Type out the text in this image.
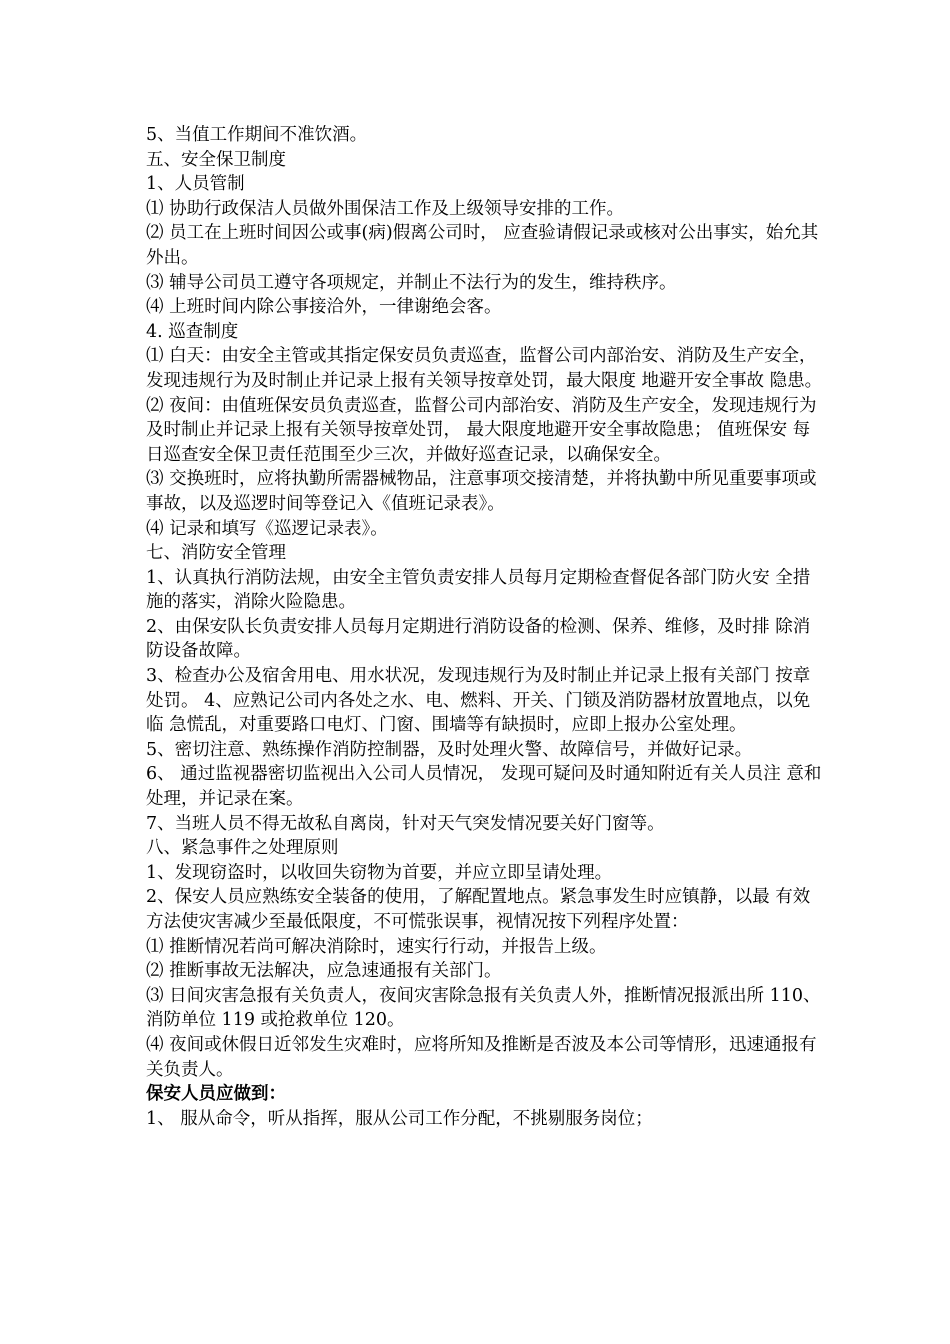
5、当值工作期间不准饮酒。

五、安全保卫制度

1、人员管制

⑴ 协助行政保洁人员做外围保洁工作及上级领导安排的工作。

⑵ 员工在上班时间因公或事(病)假离公司时， 应查验请假记录或核对公出事实，始允其外出。

⑶ 辅导公司员工遵守各项规定，并制止不法行为的发生，维持秩序。

⑷ 上班时间内除公事接洽外，一律谢绝会客。

4. 巡查制度

⑴ 白天：由安全主管或其指定保安员负责巡查，监督公司内部治安、消防及生产安全，发现违规行为及时制止并记录上报有关领导按章处罚，最大限度 地避开安全事故 隐患。

⑵ 夜间：由值班保安员负责巡查，监督公司内部治安、消防及生产安全，发现违规行为及时制止并记录上报有关领导按章处罚， 最大限度地避开安全事故隐患； 值班保安 每日巡查安全保卫责任范围至少三次，并做好巡查记录，以确保安全。

⑶ 交换班时，应将执勤所需器械物品，注意事项交接清楚，并将执勤中所见重要事项或事故，以及巡逻时间等登记入《值班记录表》。

⑷ 记录和填写《巡逻记录表》。

七、消防安全管理

1、认真执行消防法规，由安全主管负责安排人员每月定期检查督促各部门防火安 全措施的落实，消除火险隐患。

2、由保安队长负责安排人员每月定期进行消防设备的检测、保养、维修，及时排 除消防设备故障。

3、检查办公及宿舍用电、用水状况，发现违规行为及时制止并记录上报有关部门 按章处罚。 4、应熟记公司内各处之水、电、燃料、开关、门锁及消防器材放置地点，以免临 急慌乱，对重要路口电灯、门窗、围墙等有缺损时，应即上报办公室处理。

5、密切注意、熟练操作消防控制器，及时处理火警、故障信号，并做好记录。

6、 通过监视器密切监视出入公司人员情况， 发现可疑问及时通知附近有关人员注 意和处理，并记录在案。

7、当班人员不得无故私自离岗，针对天气突发情况要关好门窗等。

八、紧急事件之处理原则

1、发现窃盗时，以收回失窃物为首要，并应立即呈请处理。

2、保安人员应熟练安全装备的使用，了解配置地点。紧急事发生时应镇静，以最 有效方法使灾害减少至最低限度，不可慌张误事，视情况按下列程序处置：

⑴ 推断情况若尚可解决消除时，速实行行动，并报告上级。

⑵ 推断事故无法解决，应急速通报有关部门。

⑶ 日间灾害急报有关负责人，夜间灾害除急报有关负责人外，推断情况报派出所 110、消防单位 119 或抢救单位 120。

⑷ 夜间或休假日近邻发生灾难时，应将所知及推断是否波及本公司等情形，迅速通报有关负责人。

保安人员应做到：

1、 服从命令，听从指挥，服从公司工作分配，不挑剔服务岗位；
